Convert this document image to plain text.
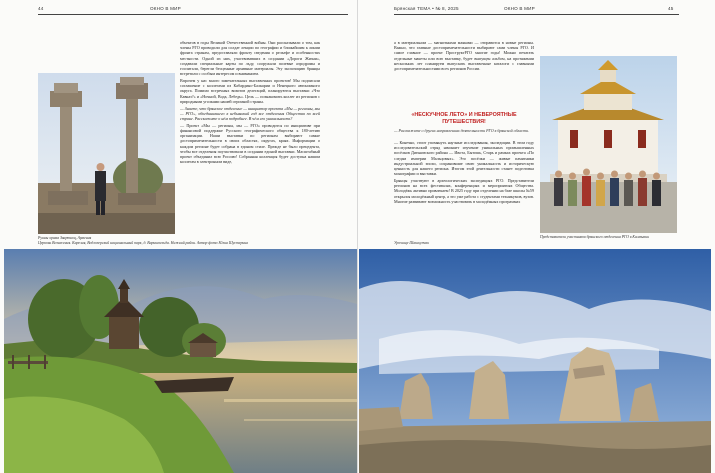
44	ОКНО В МИР
Руины храма Звартноц, Армения

объектов в годы Великой Отечественной войны. Они рассказывали о том, как члены РГО проводили для солдат лекции по географии и ближайшим к линии фронта странам, предоставляли фронту сведения о рельефе и особенностях местности. Одной из них, участвовавших в создании «Дороги Жизни», создавали специальные карты по льду, сооружали полевые аэродромы и госпитали, берегли бесценные архивные материалы. Эту экспозицию брянцы встретили с особым интересом и вниманием.

Впрочем у нас много замечательных выставочных проектов! Мы подписали соглашение с коллегами из Кабардино-Балкарии и Ненецкого автономного округа. Помимо встречных визитов делегаций, планируются выставки «Что Кавказ?» и «Ночной, Вода, Лебедь». Цель — познакомить коллег из регионов с природными уголками нашей огромной страны.

— Знаете, что брянское отделение — инициатор проекта «Мы — регионы, мы — РГО», объединившего в небывалый год все отделения Общества по всей стране. Расскажите о нём подробнее. В чём его уникальность?

— Проект «Мы — регионы, мы — РГО» проводится по инициативе при финансовой поддержке Русского географического общества к 180-летию организации. Наши выставки по регионам выбирают самые достопримечательности в своих областях, округах, краях. Информации о каждом регионе будет собрана в едином стиле. Прежде не было прецедента, чтобы все отделения поучаствовали в создании единой выставки. Масштабный проект объединил всю Россию! Собранная коллекция будет доступна нашим коллегам в электронном виде,

Церковь Вознесения. Карелия, Водлозерский национальный парк, д. Варишпельда. Нижний район. Автор фото Юлия Шустерина
Брянская ТЕМА • № 8, 2025	ОКНО В МИР	45

а в материальном — магнитными маяками — отправится в новые регионы. Важно, что главные достопримечательности выбирают сами члены РГО. И самое главное — проект ПроструктРГО многие годы! Можно печатать отдельные макеты или всю выставку, будет выпущен альбом, на протяжении нескольких лет планируем выпускать выставочные каталоги с главными достопримечательностями всех регионов России.

«НЕСКУЧНОЕ ЛЕТО» И НЕВЕРОЯТНЫЕ ПУТЕШЕСТВИЯ!
— Расскажите о других направлениях деятельности РГО в брянской области.

— Конечно, стоит упомянуть научные исследования, экспедиции. В этом году исследовательский отряд начинает изучение уникальных промышленных посёлков Дятьковского района — Ивота, Бытошь, Старь и рамках проекта «По следам империи Мальцовых». Это посёлки — живые памятники индустриальной эпохи, сохранившие свою уникальность и историческую ценность для нашего региона. Итогом этой деятельности станет подготовка монографии и выставки.

Брянцы участвуют в археологических экспедициях РГО. Представители регионов на всех фестивалях, конференциях и мероприятиях Общества. Молодёжь активно привлекаем! В 2025 году при отделении на базе школы №59 открылся молодёжный центр, а это уже работа с студентами техникумов, вузов. Многие развивают возможность участвовать в молодёжных программах

Представители участников брянского отделения РГО в Калмыкии
Урочище Шашкупчак
